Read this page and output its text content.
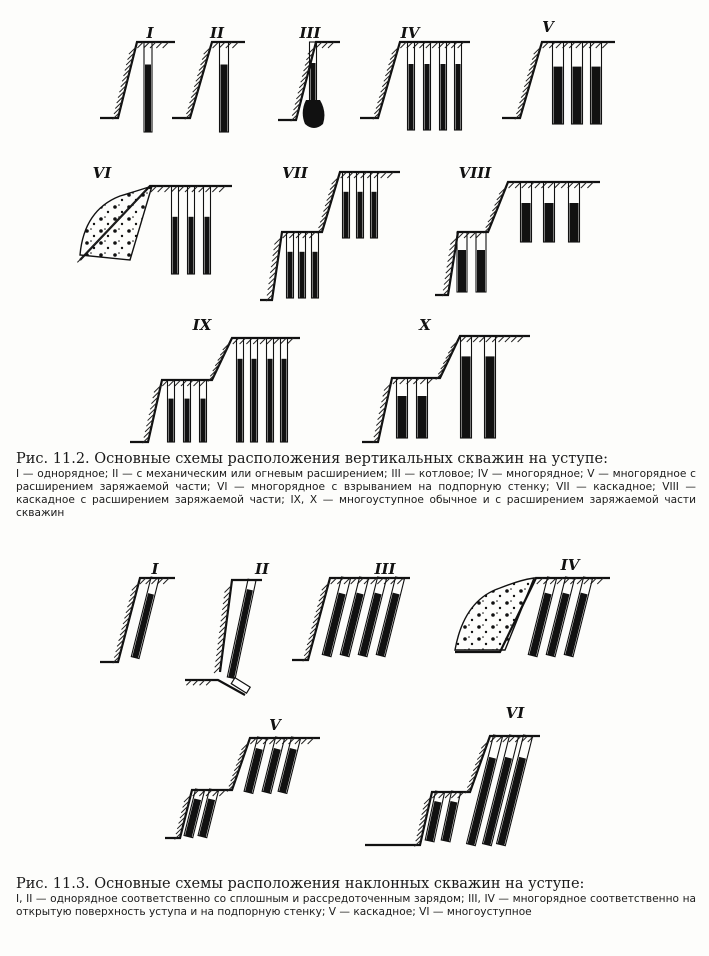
I	II	III	IV	V
VI	VII	VIII
IX	X
I	II	III	IV
V
VI
Рис. 11.2. Основные схемы расположения вертикальных скважин на уступе:
I — однорядное; II — с механическим или огневым расширением; III — котловое; IV — многорядное; V — многорядное с расширением заряжаемой части; VI — многорядное с взрыванием на подпорную стенку; VII — каскадное; VIII — каскадное с расширением заряжаемой части; IX, X — многоуступное обычное и с расширением заряжаемой части скважин
Рис. 11.3. Основные схемы расположения наклонных скважин на уступе:
I, II — однорядное соответственно со сплошным и рассредоточенным зарядом; III, IV — многорядное соответственно на открытую поверхность уступа и на подпорную стенку; V — каскадное; VI — многоуступное
